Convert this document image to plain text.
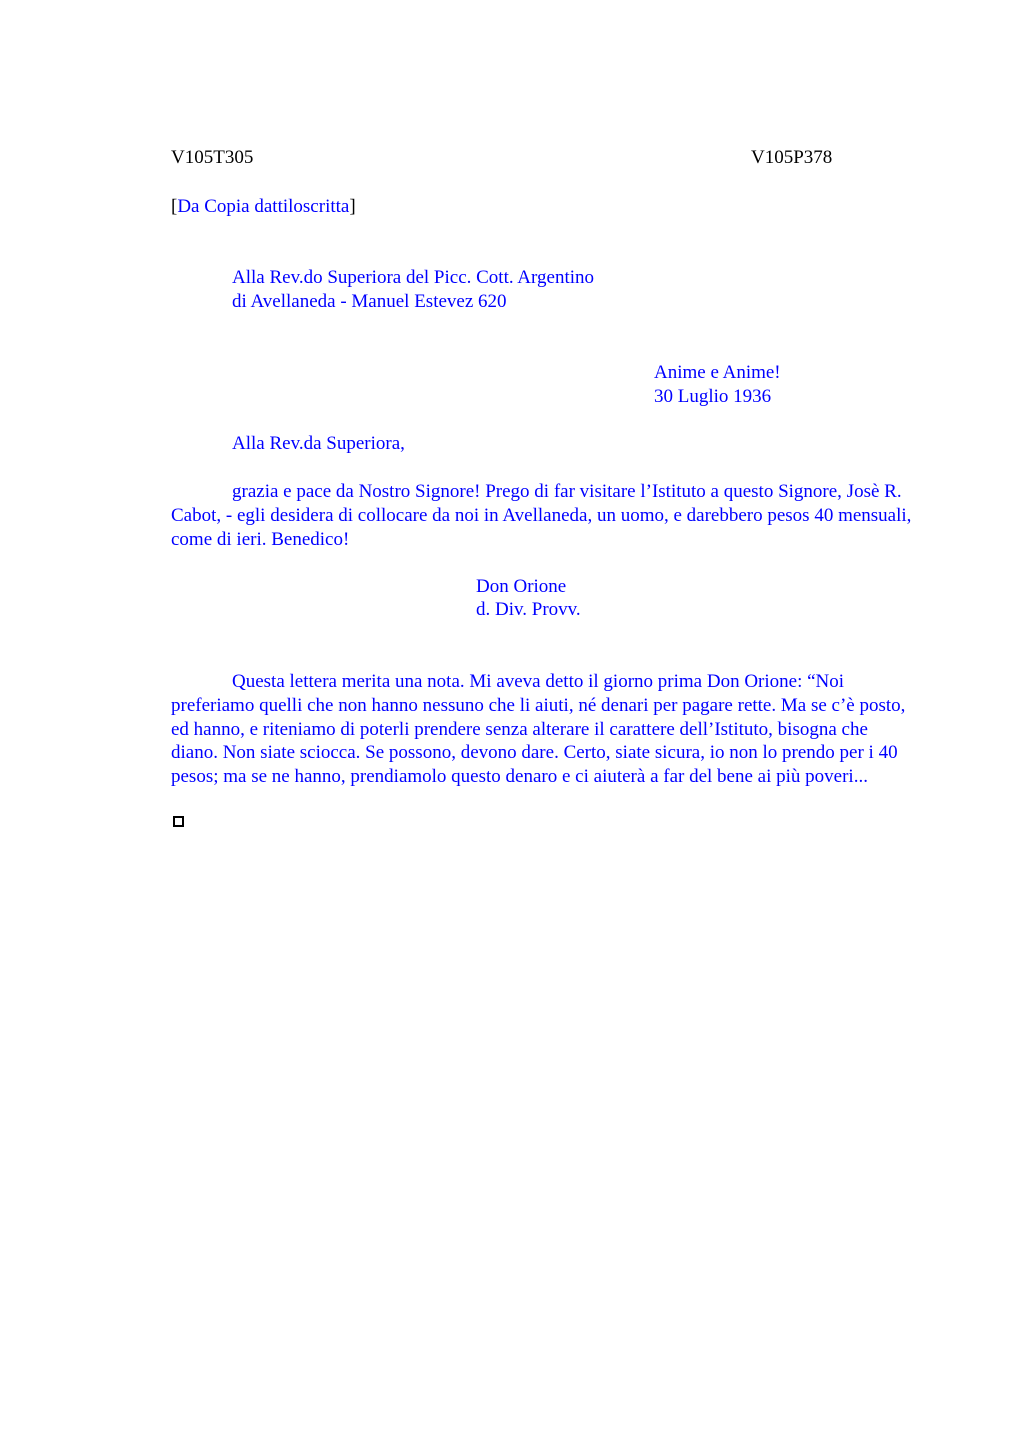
V105T305	V105P378
[Da Copia dattiloscritta]
Alla Rev.do Superiora del Picc. Cott. Argentino
di Avellaneda - Manuel Estevez 620
Anime e Anime!
30 Luglio 1936
Alla Rev.da Superiora,

grazia e pace da Nostro Signore! Prego di far visitare l’Istituto a questo Signore, Josè R. Cabot, - egli desidera di collocare da noi in Avellaneda, un uomo, e darebbero pesos 40 mensuali, come di ieri. Benedico!

Don Orione
d. Div. Provv.

Questa lettera merita una nota. Mi aveva detto il giorno prima Don Orione: “Noi preferiamo quelli che non hanno nessuno che li aiuti, né denari per pagare rette. Ma se c’è posto, ed hanno, e riteniamo di poterli prendere senza alterare il carattere dell’Istituto, bisogna che diano. Non siate sciocca. Se possono, devono dare. Certo, siate sicura, io non lo prendo per i 40 pesos; ma se ne hanno, prendiamolo questo denaro e ci aiuterà a far del bene ai più poveri...
